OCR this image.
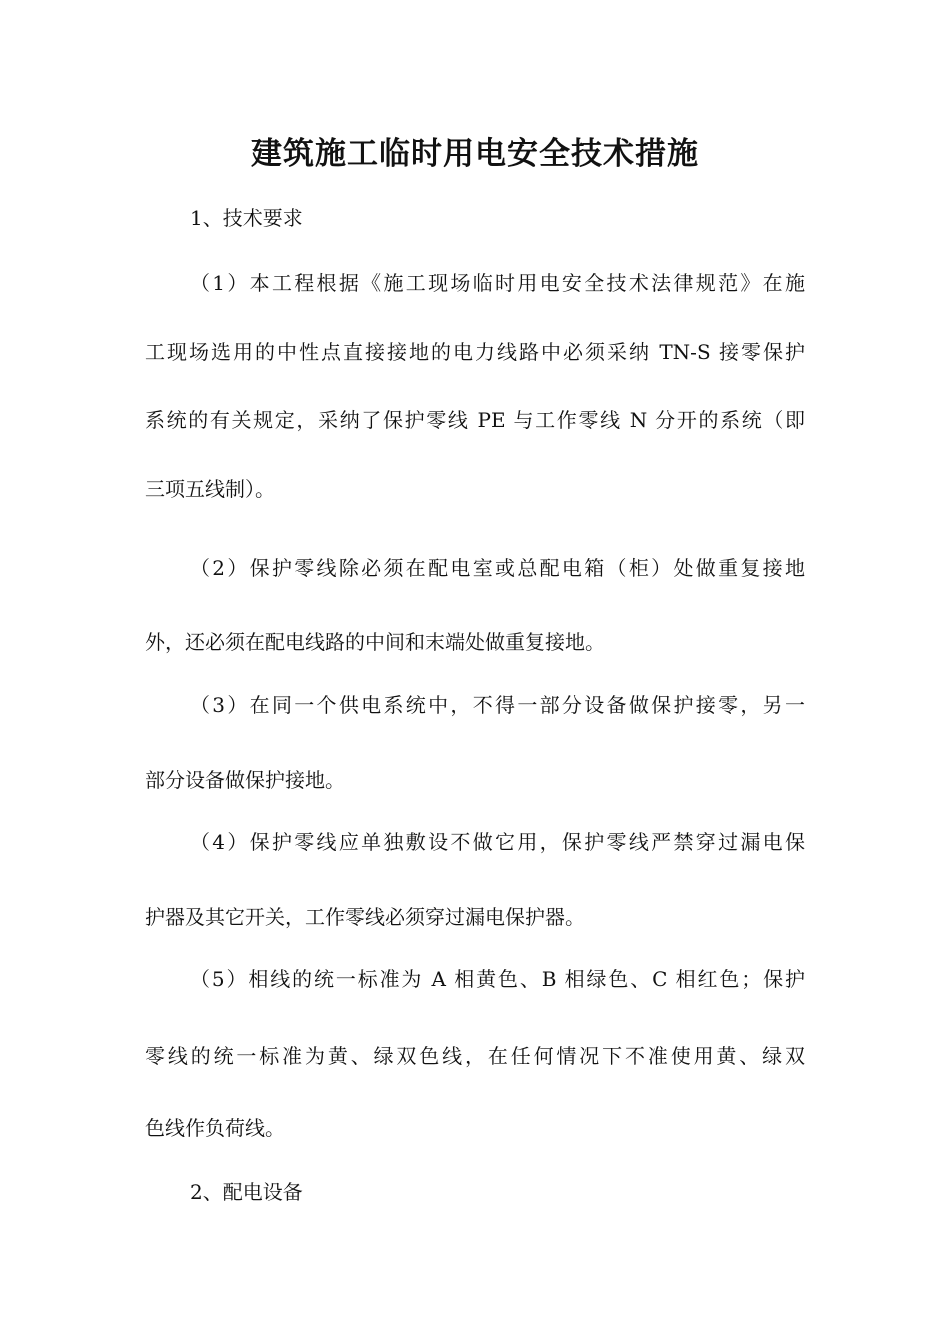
建筑施工临时用电安全技术措施
1、技术要求
（1）本工程根据《施工现场临时用电安全技术法律规范》在施
工现场选用的中性点直接接地的电力线路中必须采纳 TN-S 接零保护
系统的有关规定，采纳了保护零线 PE 与工作零线 N 分开的系统（即
三项五线制）。
（2）保护零线除必须在配电室或总配电箱（柜）处做重复接地
外，还必须在配电线路的中间和末端处做重复接地。
（3）在同一个供电系统中，不得一部分设备做保护接零，另一
部分设备做保护接地。
（4）保护零线应单独敷设不做它用，保护零线严禁穿过漏电保
护器及其它开关，工作零线必须穿过漏电保护器。
（5）相线的统一标准为 A 相黄色、B 相绿色、C 相红色；保护
零线的统一标准为黄、绿双色线，在任何情况下不准使用黄、绿双
色线作负荷线。
2、配电设备
